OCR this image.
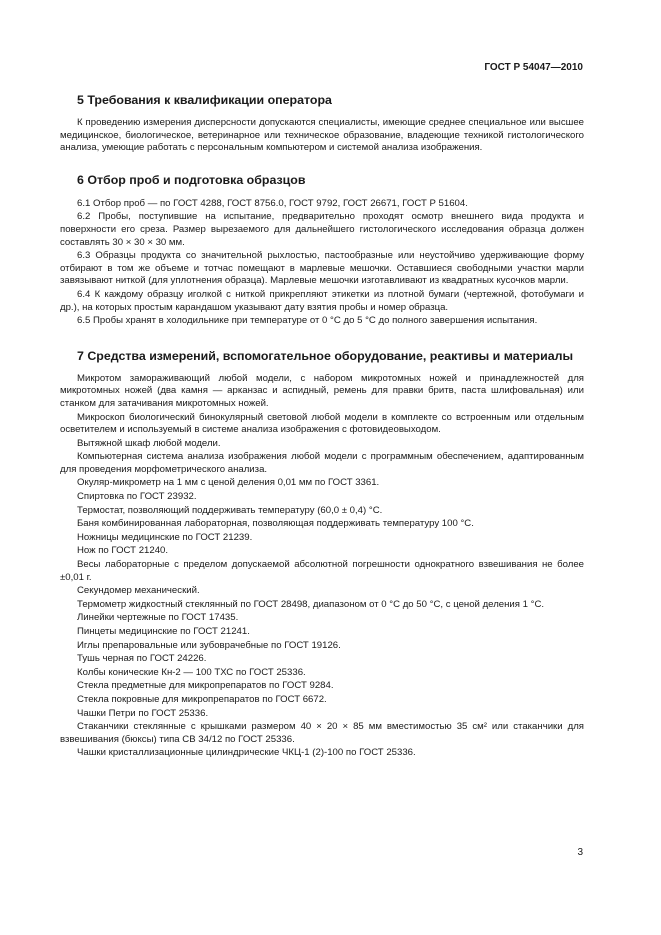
ГОСТ Р 54047—2010
5 Требования к квалификации оператора

К проведению измерения дисперсности допускаются специалисты, имеющие среднее специальное или высшее медицинское, биологическое, ветеринарное или техническое образование, владеющие техникой гистологического анализа, умеющие работать с персональным компьютером и системой анализа изображения.

6 Отбор проб и подготовка образцов

6.1 Отбор проб — по ГОСТ 4288, ГОСТ 8756.0, ГОСТ 9792, ГОСТ 26671, ГОСТ Р 51604.

6.2 Пробы, поступившие на испытание, предварительно проходят осмотр внешнего вида продукта и поверхности его среза. Размер вырезаемого для дальнейшего гистологического исследования образца должен составлять 30 × 30 × 30 мм.

6.3 Образцы продукта со значительной рыхлостью, пастообразные или неустойчиво удерживающие форму отбирают в том же объеме и тотчас помещают в марлевые мешочки. Оставшиеся свободными участки марли завязывают ниткой (для уплотнения образца). Марлевые мешочки изготавливают из квадратных кусочков марли.

6.4 К каждому образцу иголкой с ниткой прикрепляют этикетки из плотной бумаги (чертежной, фотобумаги и др.), на которых простым карандашом указывают дату взятия пробы и номер образца.

6.5 Пробы хранят в холодильнике при температуре от 0 °С до 5 °С до полного завершения испытания.

7 Средства измерений, вспомогательное оборудование, реактивы и материалы

Микротом замораживающий любой модели, с набором микротомных ножей и принадлежностей для микротомных ножей (два камня — арканзас и аспидный, ремень для правки бритв, паста шлифовальная) или станком для затачивания микротомных ножей.

Микроскоп биологический бинокулярный световой любой модели в комплекте со встроенным или отдельным осветителем и используемый в системе анализа изображения с фотовидеовыходом.

Вытяжной шкаф любой модели.

Компьютерная система анализа изображения любой модели с программным обеспечением, адаптированным для проведения морфометрического анализа.

Окуляр-микрометр на 1 мм с ценой деления 0,01 мм по ГОСТ 3361.

Спиртовка по ГОСТ 23932.

Термостат, позволяющий поддерживать температуру (60,0 ± 0,4) °С.

Баня комбинированная лабораторная, позволяющая поддерживать температуру 100 °С.

Ножницы медицинские по ГОСТ 21239.

Нож по ГОСТ 21240.

Весы лабораторные с пределом допускаемой абсолютной погрешности однократного взвешивания не более ±0,01 г.

Секундомер механический.

Термометр жидкостный стеклянный по ГОСТ 28498, диапазоном от 0 °С до 50 °С, с ценой деления 1 °С.

Линейки чертежные по ГОСТ 17435.

Пинцеты медицинские по ГОСТ 21241.

Иглы препаровальные или зубоврачебные по ГОСТ 19126.

Тушь черная по ГОСТ 24226.

Колбы конические Кн-2 — 100 ТХС по ГОСТ 25336.

Стекла предметные для микропрепаратов по ГОСТ 9284.

Стекла покровные для микропрепаратов по ГОСТ 6672.

Чашки Петри по ГОСТ 25336.

Стаканчики стеклянные с крышками размером 40 × 20 × 85 мм вместимостью 35 см² или стаканчики для взвешивания (бюксы) типа СВ 34/12 по ГОСТ 25336.

Чашки кристаллизационные цилиндрические ЧКЦ-1 (2)-100 по ГОСТ 25336.

3
